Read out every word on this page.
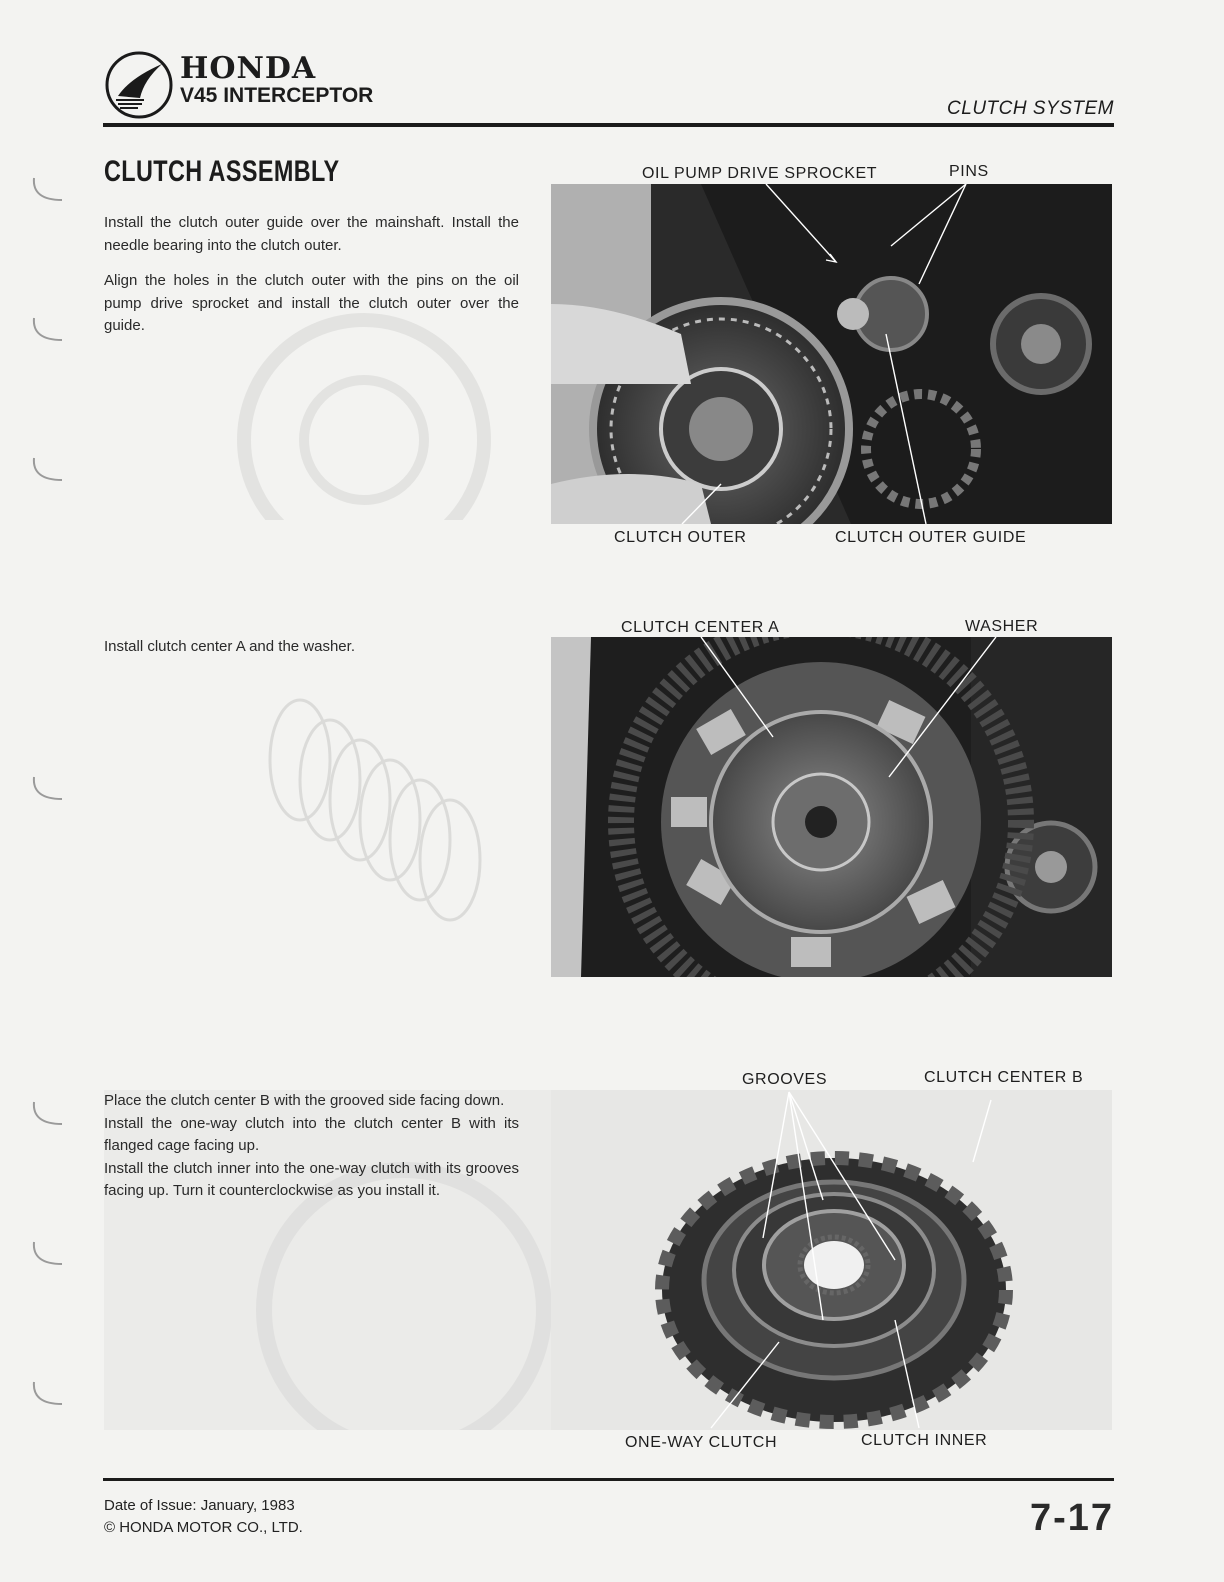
HONDA
V45 INTERCEPTOR
CLUTCH SYSTEM
CLUTCH ASSEMBLY

Install the clutch outer guide over the mainshaft. Install the needle bearing into the clutch outer.

Align the holes in the clutch outer with the pins on the oil pump drive sprocket and install the clutch outer over the guide.

OIL PUMP DRIVE SPROCKET	PINS
CLUTCH OUTER	CLUTCH OUTER GUIDE

Install clutch center A and the washer.

CLUTCH CENTER A	WASHER

Place the clutch center B with the grooved side facing down.

Install the one-way clutch into the clutch center B with its flanged cage facing up.

Install the clutch inner into the one-way clutch with its grooves facing up. Turn it counterclockwise as you install it.

GROOVES	CLUTCH CENTER B
ONE-WAY CLUTCH	CLUTCH INNER
Date of Issue: January, 1983
© HONDA MOTOR CO., LTD.	7-17
